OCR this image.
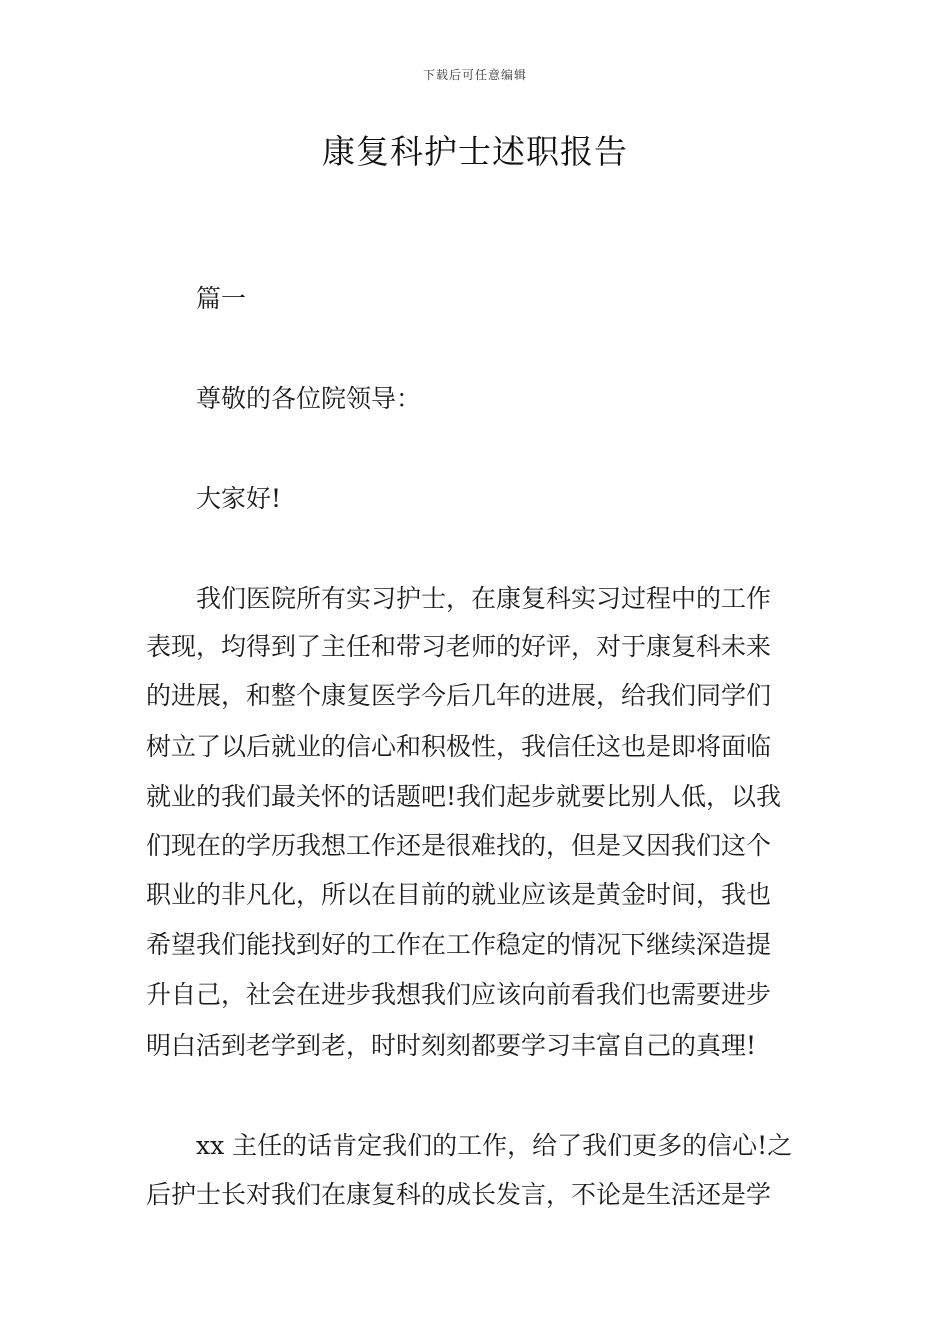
下载后可任意编辑
康复科护士述职报告
篇一
尊敬的各位院领导：
大家好!
我们医院所有实习护士，在康复科实习过程中的工作
表现，均得到了主任和带习老师的好评，对于康复科未来
的进展，和整个康复医学今后几年的进展，给我们同学们
树立了以后就业的信心和积极性，我信任这也是即将面临
就业的我们最关怀的话题吧!我们起步就要比别人低，以我
们现在的学历我想工作还是很难找的，但是又因我们这个
职业的非凡化，所以在目前的就业应该是黄金时间，我也
希望我们能找到好的工作在工作稳定的情况下继续深造提
升自己，社会在进步我想我们应该向前看我们也需要进步
明白活到老学到老，时时刻刻都要学习丰富自己的真理!
xx 主任的话肯定我们的工作，给了我们更多的信心!之
后护士长对我们在康复科的成长发言，不论是生活还是学
